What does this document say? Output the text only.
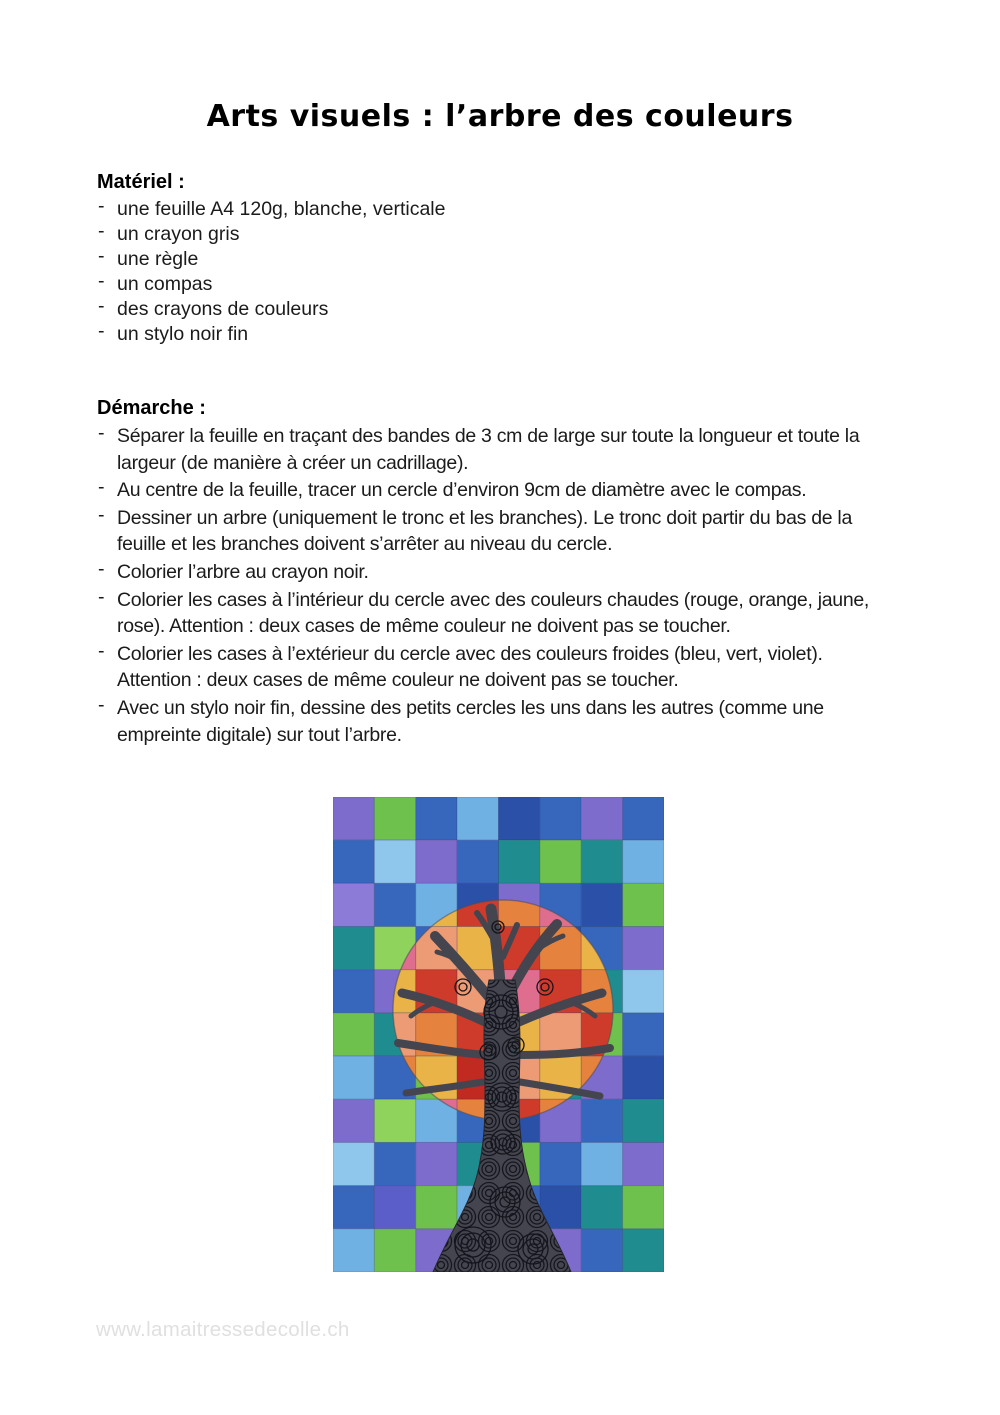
Arts visuels : l’arbre des couleurs
Matériel :
- une feuille A4 120g, blanche, verticale
- un crayon gris
- une règle
- un compas
- des crayons de couleurs
- un stylo noir fin
Démarche :
- Séparer la feuille en traçant des bandes de 3 cm de large sur toute la longueur et toute la largeur (de manière à créer un cadrillage).
- Au centre de la feuille, tracer un cercle d’environ 9cm de diamètre avec le compas.
- Dessiner un arbre (uniquement le tronc et les branches). Le tronc doit partir du bas de la feuille et les branches doivent s’arrêter au niveau du cercle.
- Colorier l’arbre au crayon noir.
- Colorier les cases à l’intérieur du cercle avec des couleurs chaudes (rouge, orange, jaune, rose). Attention : deux cases de même couleur ne doivent pas se toucher.
- Colorier les cases à l’extérieur du cercle avec des couleurs froides (bleu, vert, violet). Attention : deux cases de même couleur ne doivent pas se toucher.
- Avec un stylo noir fin, dessine des petits cercles les uns dans les autres (comme une empreinte digitale) sur tout l’arbre.
www.lamaitressedecolle.ch
